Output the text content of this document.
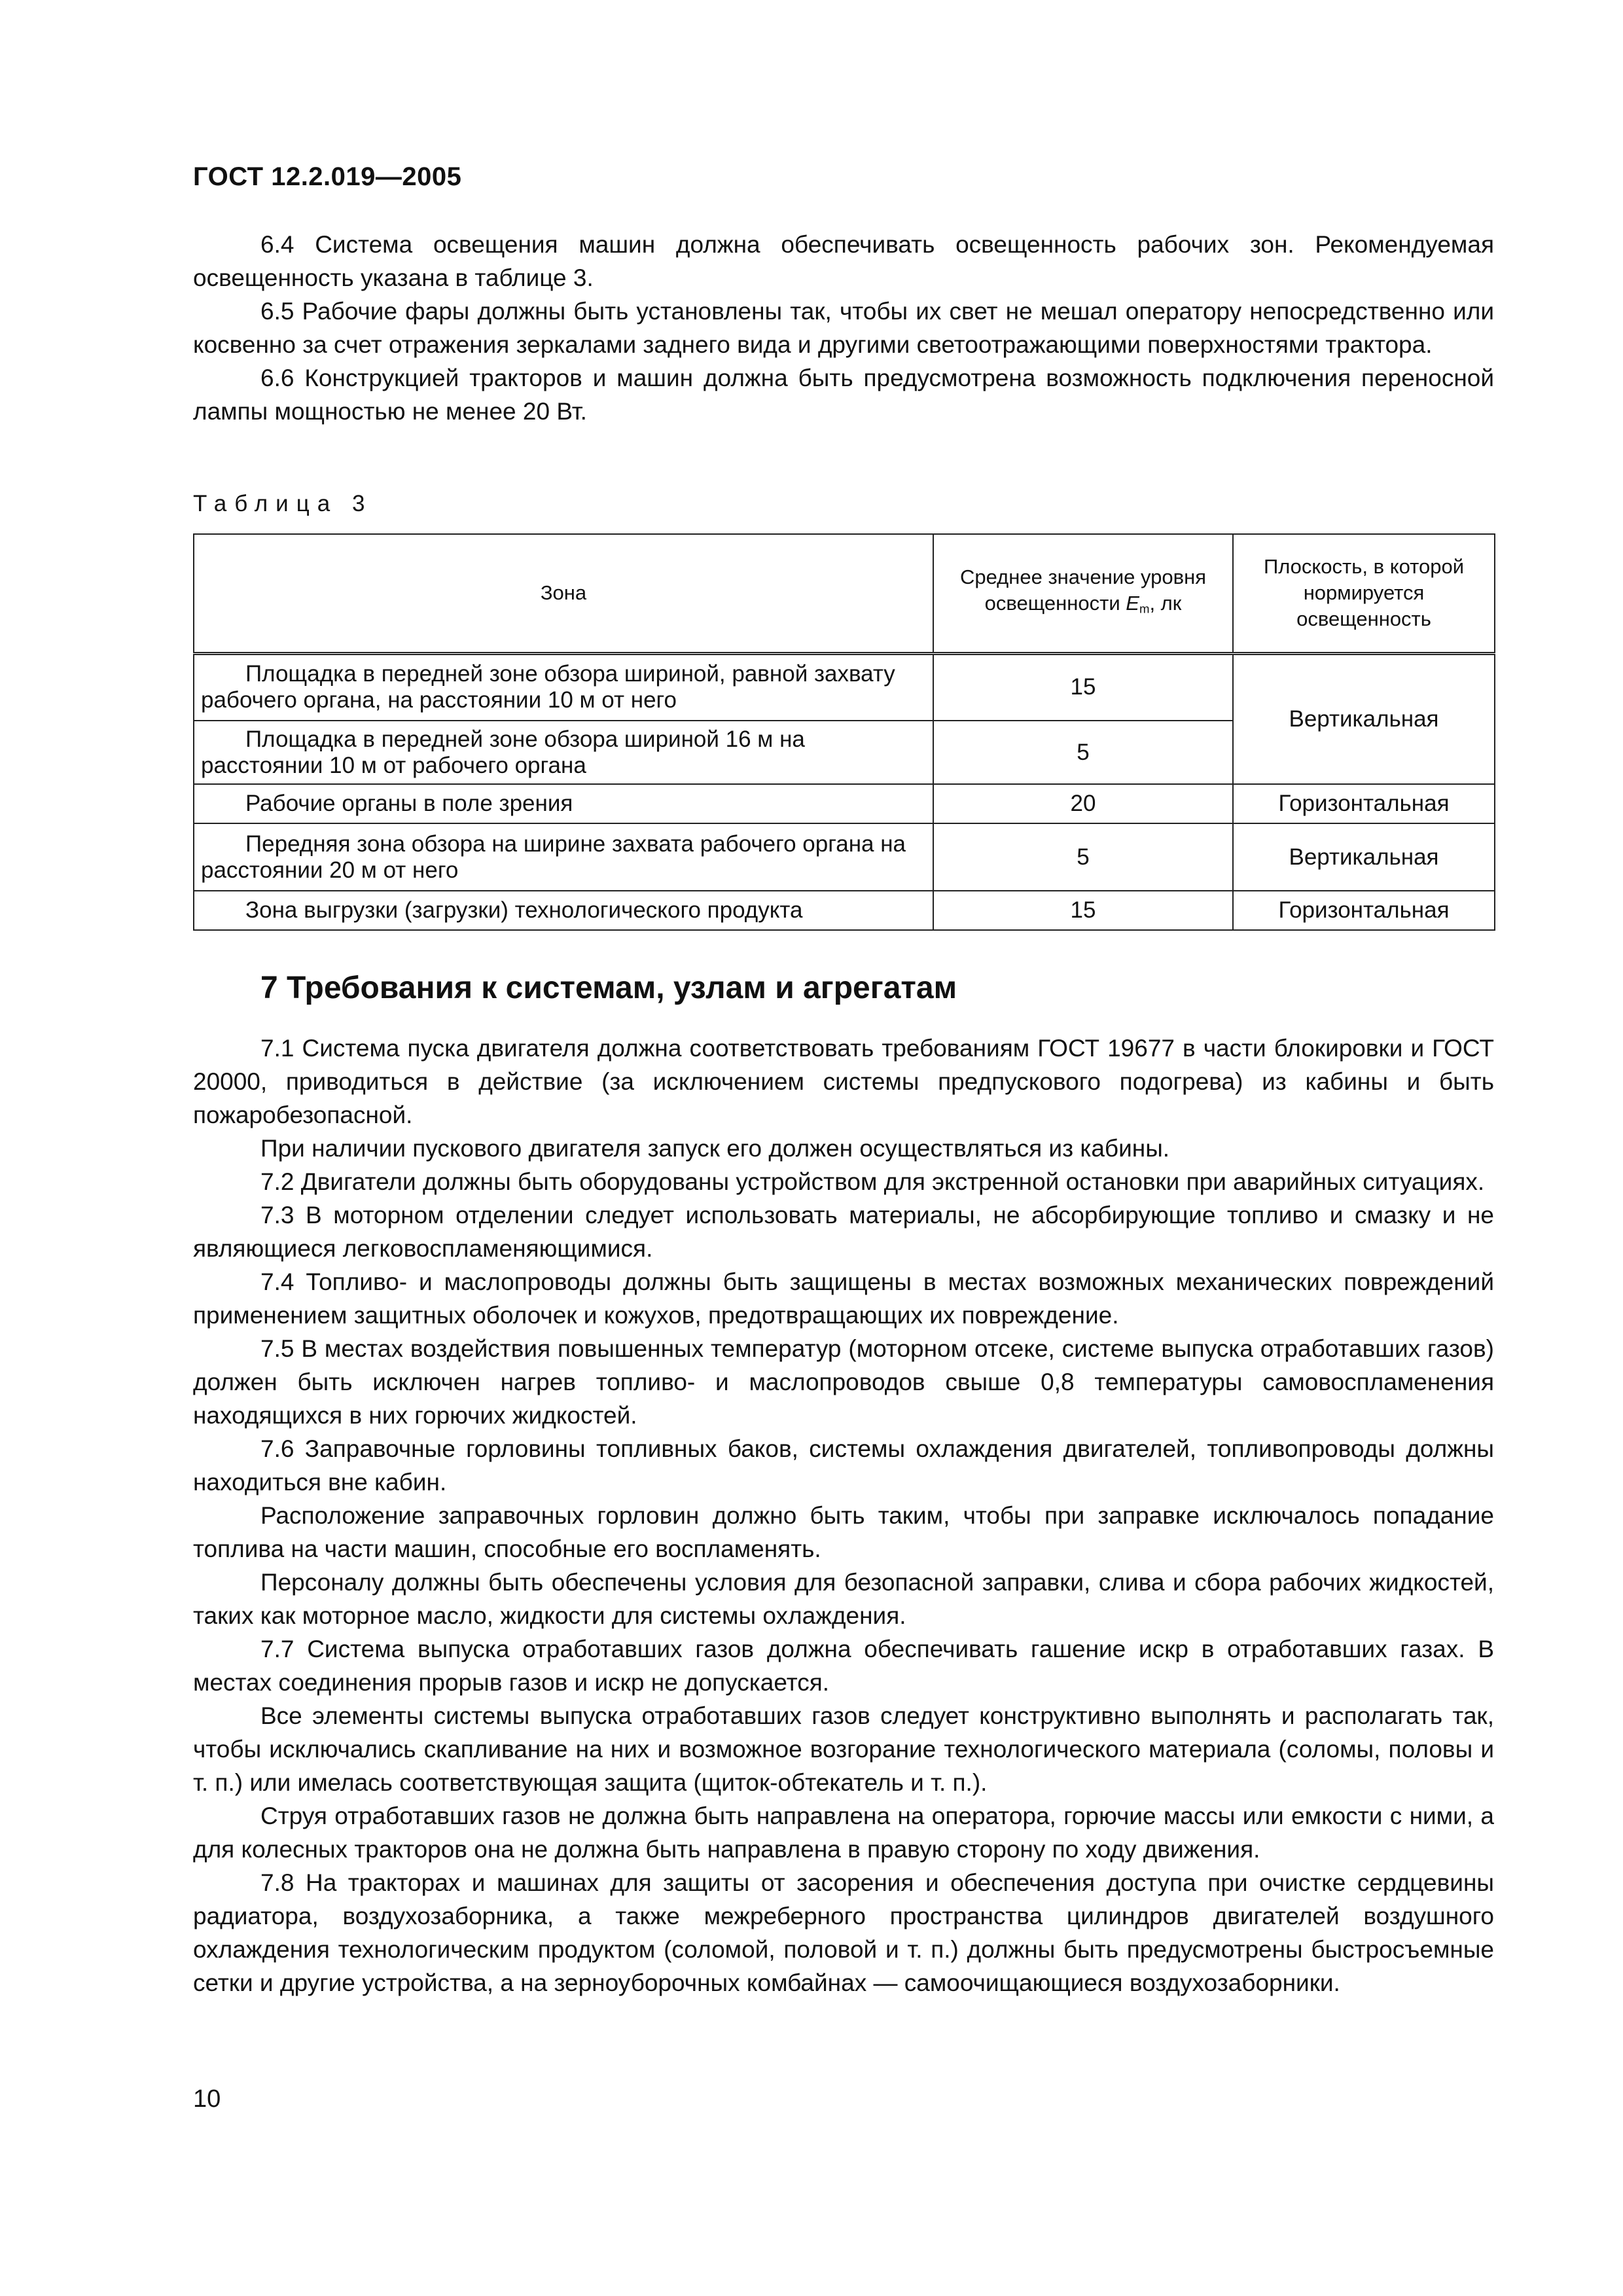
ГОСТ 12.2.019—2005

6.4 Система освещения машин должна обеспечивать освещенность рабочих зон. Рекомендуемая освещенность указана в таблице 3.

6.5 Рабочие фары должны быть установлены так, чтобы их свет не мешал оператору непосредственно или косвенно за счет отражения зеркалами заднего вида и другими светоотражающими поверхностями трактора.

6.6 Конструкцией тракторов и машин должна быть предусмотрена возможность подключения переносной лампы мощностью не менее 20 Вт.

Таблица 3
Зона	Среднее значение уровня освещенности $E_m$, лк	Плоскость, в которой нормируется освещенность
Площадка в передней зоне обзора шириной, равной захвату рабочего органа, на расстоянии 10 м от него	15	Вертикальная
Площадка в передней зоне обзора шириной 16 м на расстоянии 10 м от рабочего органа	5	
Рабочие органы в поле зрения	20	Горизонтальная
Передняя зона обзора на ширине захвата рабочего органа на расстоянии 20 м от него	5	Вертикальная
Зона выгрузки (загрузки) технологического продукта	15	Горизонтальная
7 Требования к системам, узлам и агрегатам

7.1 Система пуска двигателя должна соответствовать требованиям ГОСТ 19677 в части блокировки и ГОСТ 20000, приводиться в действие (за исключением системы предпускового подогрева) из кабины и быть пожаробезопасной.

При наличии пускового двигателя запуск его должен осуществляться из кабины.

7.2 Двигатели должны быть оборудованы устройством для экстренной остановки при аварийных ситуациях.

7.3 В моторном отделении следует использовать материалы, не абсорбирующие топливо и смазку и не являющиеся легковоспламеняющимися.

7.4 Топливо- и маслопроводы должны быть защищены в местах возможных механических повреждений применением защитных оболочек и кожухов, предотвращающих их повреждение.

7.5 В местах воздействия повышенных температур (моторном отсеке, системе выпуска отработавших газов) должен быть исключен нагрев топливо- и маслопроводов свыше 0,8 температуры самовоспламенения находящихся в них горючих жидкостей.

7.6 Заправочные горловины топливных баков, системы охлаждения двигателей, топливопроводы должны находиться вне кабин.

Расположение заправочных горловин должно быть таким, чтобы при заправке исключалось попадание топлива на части машин, способные его воспламенять.

Персоналу должны быть обеспечены условия для безопасной заправки, слива и сбора рабочих жидкостей, таких как моторное масло, жидкости для системы охлаждения.

7.7 Система выпуска отработавших газов должна обеспечивать гашение искр в отработавших газах. В местах соединения прорыв газов и искр не допускается.

Все элементы системы выпуска отработавших газов следует конструктивно выполнять и располагать так, чтобы исключались скапливание на них и возможное возгорание технологического материала (соломы, половы и т. п.) или имелась соответствующая защита (щиток-обтекатель и т. п.).

Струя отработавших газов не должна быть направлена на оператора, горючие массы или емкости с ними, а для колесных тракторов она не должна быть направлена в правую сторону по ходу движения.

7.8 На тракторах и машинах для защиты от засорения и обеспечения доступа при очистке сердцевины радиатора, воздухозаборника, а также межреберного пространства цилиндров двигателей воздушного охлаждения технологическим продуктом (соломой, половой и т. п.) должны быть предусмотрены быстросъемные сетки и другие устройства, а на зерноуборочных комбайнах — самоочищающиеся воздухозаборники.

10
